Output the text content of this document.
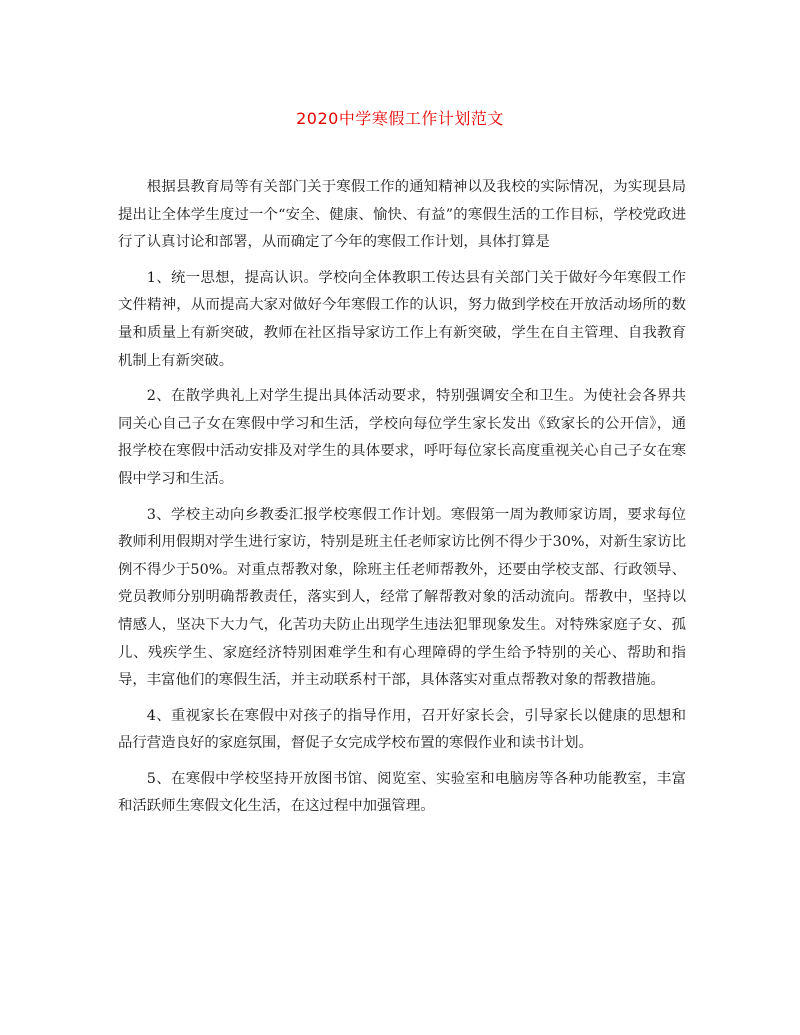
2020中学寒假工作计划范文

根据县教育局等有关部门关于寒假工作的通知精神以及我校的实际情况，为实现县局提出让全体学生度过一个“安全、健康、愉快、有益”的寒假生活的工作目标，学校党政进行了认真讨论和部署，从而确定了今年的寒假工作计划，具体打算是

1、统一思想，提高认识。学校向全体教职工传达县有关部门关于做好今年寒假工作文件精神，从而提高大家对做好今年寒假工作的认识，努力做到学校在开放活动场所的数量和质量上有新突破，教师在社区指导家访工作上有新突破，学生在自主管理、自我教育机制上有新突破。

2、在散学典礼上对学生提出具体活动要求，特别强调安全和卫生。为使社会各界共同关心自己子女在寒假中学习和生活，学校向每位学生家长发出《致家长的公开信》，通报学校在寒假中活动安排及对学生的具体要求，呼吁每位家长高度重视关心自己子女在寒假中学习和生活。

3、学校主动向乡教委汇报学校寒假工作计划。寒假第一周为教师家访周，要求每位教师利用假期对学生进行家访，特别是班主任老师家访比例不得少于30%，对新生家访比例不得少于50%。对重点帮教对象，除班主任老师帮教外，还要由学校支部、行政领导、党员教师分别明确帮教责任，落实到人，经常了解帮教对象的活动流向。帮教中，坚持以情感人，坚决下大力气，化苦功夫防止出现学生违法犯罪现象发生。对特殊家庭子女、孤儿、残疾学生、家庭经济特别困难学生和有心理障碍的学生给予特别的关心、帮助和指导，丰富他们的寒假生活，并主动联系村干部，具体落实对重点帮教对象的帮教措施。

4、重视家长在寒假中对孩子的指导作用，召开好家长会，引导家长以健康的思想和品行营造良好的家庭氛围，督促子女完成学校布置的寒假作业和读书计划。

5、在寒假中学校坚持开放图书馆、阅览室、实验室和电脑房等各种功能教室，丰富和活跃师生寒假文化生活，在这过程中加强管理。
